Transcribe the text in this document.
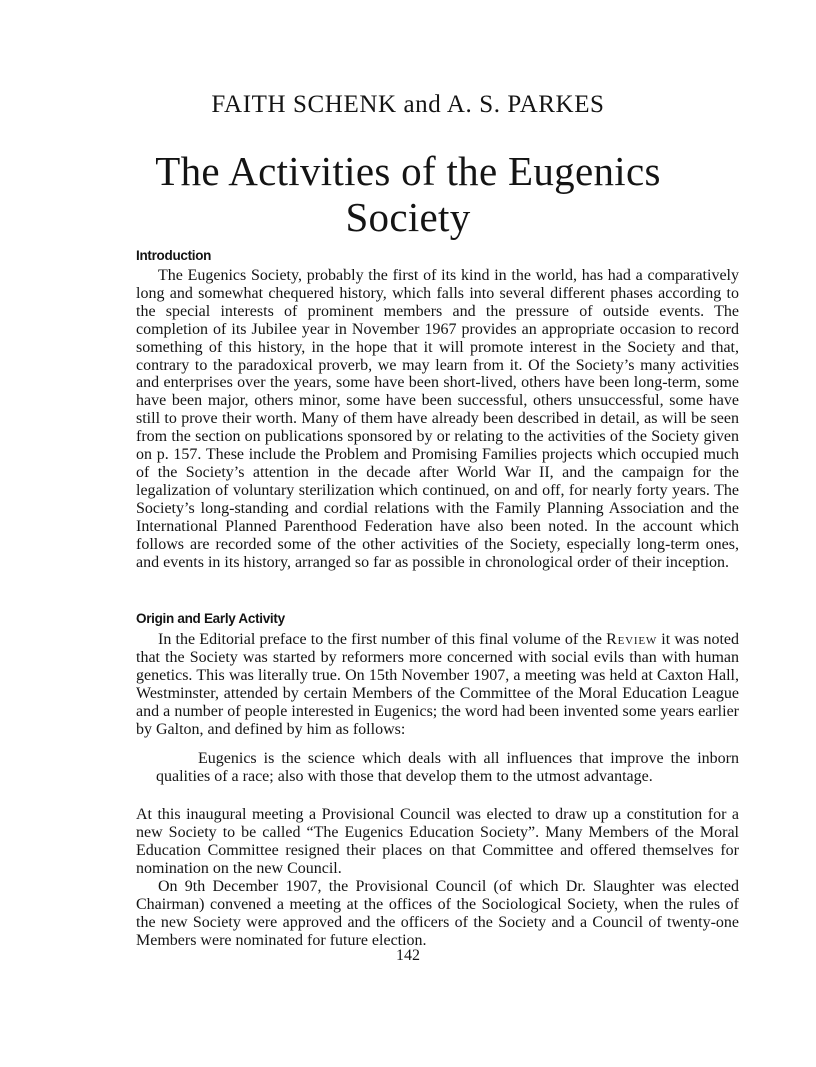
FAITH SCHENK and A. S. PARKES
The Activities of the Eugenics
Society
Introduction

The Eugenics Society, probably the first of its kind in the world, has had a comparatively long and somewhat chequered history, which falls into several different phases according to the special interests of prominent members and the pressure of outside events. The completion of its Jubilee year in November 1967 provides an appropriate occasion to record something of this history, in the hope that it will promote interest in the Society and that, contrary to the paradoxical proverb, we may learn from it. Of the Society’s many activities and enterprises over the years, some have been short-lived, others have been long-term, some have been major, others minor, some have been successful, others unsuccessful, some have still to prove their worth. Many of them have already been described in detail, as will be seen from the section on publications sponsored by or relating to the activities of the Society given on p. 157. These include the Problem and Promising Families projects which occupied much of the Society’s attention in the decade after World War II, and the campaign for the legalization of voluntary sterilization which continued, on and off, for nearly forty years. The Society’s long-standing and cordial relations with the Family Planning Association and the International Planned Parenthood Federation have also been noted. In the account which follows are recorded some of the other activities of the Society, especially long-term ones, and events in its history, arranged so far as possible in chronological order of their inception.

Origin and Early Activity

In the Editorial preface to the first number of this final volume of the Review it was noted that the Society was started by reformers more concerned with social evils than with human genetics. This was literally true. On 15th November 1907, a meeting was held at Caxton Hall, Westminster, attended by certain Members of the Committee of the Moral Education League and a number of people interested in Eugenics; the word had been invented some years earlier by Galton, and defined by him as follows:

Eugenics is the science which deals with all influences that improve the inborn qualities of a race; also with those that develop them to the utmost advantage.

At this inaugural meeting a Provisional Council was elected to draw up a constitution for a new Society to be called “The Eugenics Education Society”. Many Members of the Moral Education Committee resigned their places on that Committee and offered themselves for nomination on the new Council.

On 9th December 1907, the Provisional Council (of which Dr. Slaughter was elected Chairman) convened a meeting at the offices of the Sociological Society, when the rules of the new Society were approved and the officers of the Society and a Council of twenty-one Members were nominated for future election.

142
